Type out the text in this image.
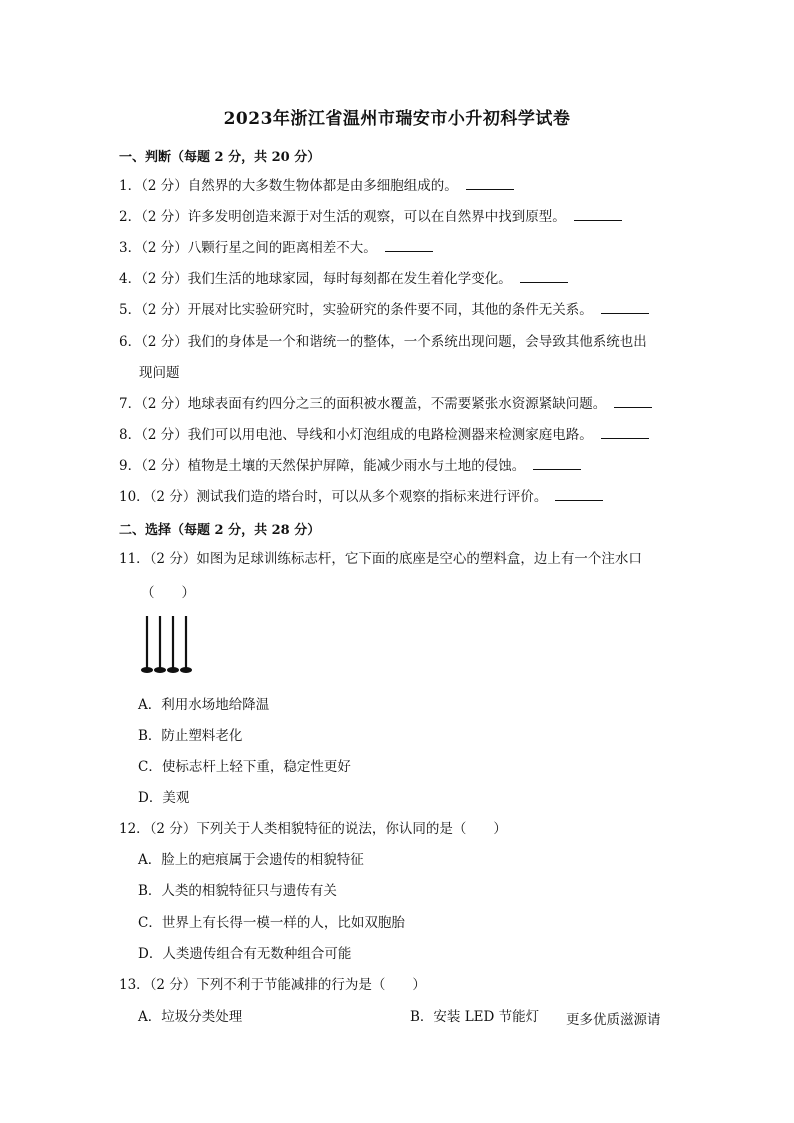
2023年浙江省温州市瑞安市小升初科学试卷
一、判断（每题 2 分，共 20 分）
1．（2 分）自然界的大多数生物体都是由多细胞组成的。
2．（2 分）许多发明创造来源于对生活的观察，可以在自然界中找到原型。
3．（2 分）八颗行星之间的距离相差不大。
4．（2 分）我们生活的地球家园，每时每刻都在发生着化学变化。
5．（2 分）开展对比实验研究时，实验研究的条件要不同，其他的条件无关系。
6．（2 分）我们的身体是一个和谐统一的整体，一个系统出现问题，会导致其他系统也出
现问题
7．（2 分）地球表面有约四分之三的面积被水覆盖，不需要紧张水资源紧缺问题。
8．（2 分）我们可以用电池、导线和小灯泡组成的电路检测器来检测家庭电路。
9．（2 分）植物是土壤的天然保护屏障，能减少雨水与土地的侵蚀。
10．（2 分）测试我们造的塔台时，可以从多个观察的指标来进行评价。
二、选择（每题 2 分，共 28 分）
11．（2 分）如图为足球训练标志杆，它下面的底座是空心的塑料盒，边上有一个注水口
（　　）
A．利用水场地给降温
B．防止塑料老化
C．使标志杆上轻下重，稳定性更好
D．美观
12．（2 分）下列关于人类相貌特征的说法，你认同的是（　　）
A．脸上的疤痕属于会遗传的相貌特征
B．人类的相貌特征只与遗传有关
C．世界上有长得一模一样的人，比如双胞胎
D．人类遗传组合有无数种组合可能
13．（2 分）下列不利于节能减排的行为是（　　）
A．垃圾分类处理	B．安装 LED 节能灯 更多优质滋源请
